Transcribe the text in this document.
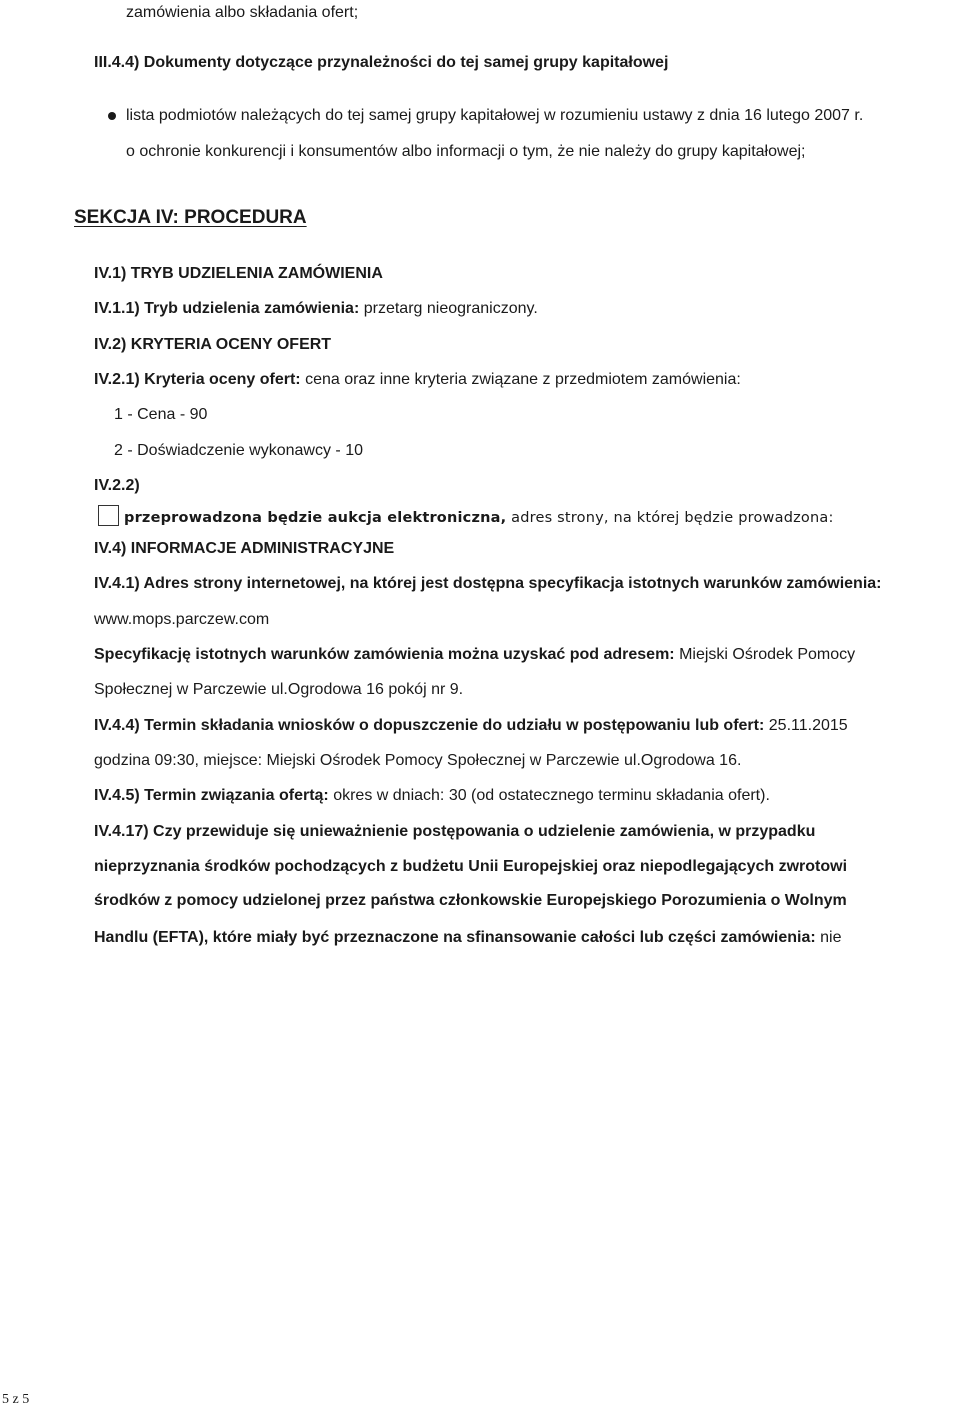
zamówienia albo składania ofert;
III.4.4) Dokumenty dotyczące przynależności do tej samej grupy kapitałowej
lista podmiotów należących do tej samej grupy kapitałowej w rozumieniu ustawy z dnia 16 lutego 2007 r.
o ochronie konkurencji i konsumentów albo informacji o tym, że nie należy do grupy kapitałowej;
SEKCJA IV: PROCEDURA
IV.1) TRYB UDZIELENIA ZAMÓWIENIA
IV.1.1) Tryb udzielenia zamówienia: przetarg nieograniczony.
IV.2) KRYTERIA OCENY OFERT
IV.2.1) Kryteria oceny ofert: cena oraz inne kryteria związane z przedmiotem zamówienia:
1 - Cena - 90
2 - Doświadczenie wykonawcy - 10
IV.2.2)
przeprowadzona będzie aukcja elektroniczna, adres strony, na której będzie prowadzona:
IV.4) INFORMACJE ADMINISTRACYJNE
IV.4.1) Adres strony internetowej, na której jest dostępna specyfikacja istotnych warunków zamówienia:
www.mops.parczew.com
Specyfikację istotnych warunków zamówienia można uzyskać pod adresem: Miejski Ośrodek Pomocy
Społecznej w Parczewie ul.Ogrodowa 16 pokój nr 9.
IV.4.4) Termin składania wniosków o dopuszczenie do udziału w postępowaniu lub ofert: 25.11.2015
godzina 09:30, miejsce: Miejski Ośrodek Pomocy Społecznej w Parczewie ul.Ogrodowa 16.
IV.4.5) Termin związania ofertą: okres w dniach: 30 (od ostatecznego terminu składania ofert).
IV.4.17) Czy przewiduje się unieważnienie postępowania o udzielenie zamówienia, w przypadku
nieprzyznania środków pochodzących z budżetu Unii Europejskiej oraz niepodlegających zwrotowi
środków z pomocy udzielonej przez państwa członkowskie Europejskiego Porozumienia o Wolnym
Handlu (EFTA), które miały być przeznaczone na sfinansowanie całości lub części zamówienia: nie
5 z 5
